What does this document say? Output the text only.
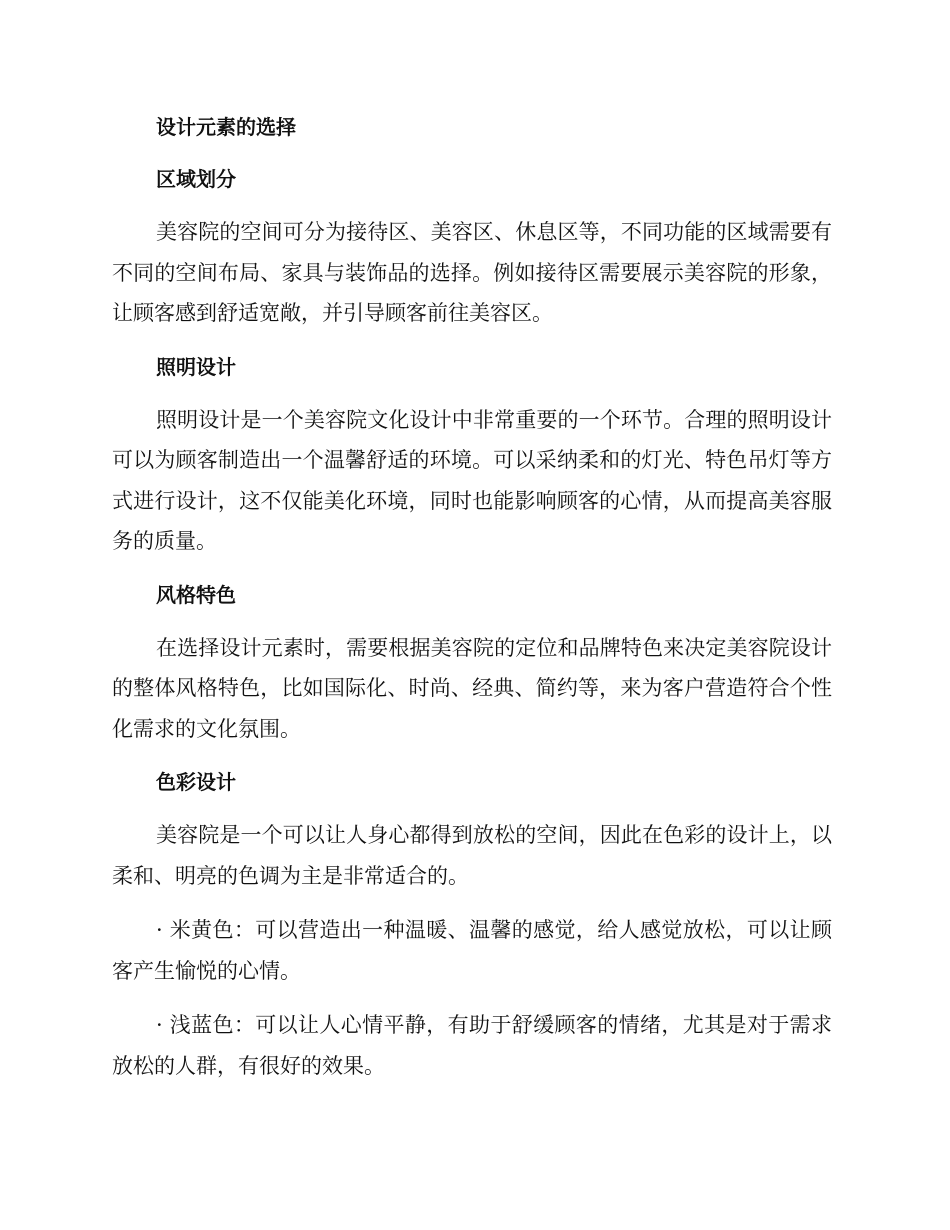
设计元素的选择
区域划分

美容院的空间可分为接待区、美容区、休息区等，不同功能的区域需要有不同的空间布局、家具与装饰品的选择。例如接待区需要展示美容院的形象，让顾客感到舒适宽敞，并引导顾客前往美容区。

照明设计

照明设计是一个美容院文化设计中非常重要的一个环节。合理的照明设计可以为顾客制造出一个温馨舒适的环境。可以采纳柔和的灯光、特色吊灯等方式进行设计，这不仅能美化环境，同时也能影响顾客的心情，从而提高美容服务的质量。

风格特色

在选择设计元素时，需要根据美容院的定位和品牌特色来决定美容院设计的整体风格特色，比如国际化、时尚、经典、简约等，来为客户营造符合个性化需求的文化氛围。

色彩设计

美容院是一个可以让人身心都得到放松的空间，因此在色彩的设计上，以柔和、明亮的色调为主是非常适合的。

· 米黄色：可以营造出一种温暖、温馨的感觉，给人感觉放松，可以让顾客产生愉悦的心情。

· 浅蓝色：可以让人心情平静，有助于舒缓顾客的情绪，尤其是对于需求放松的人群，有很好的效果。
